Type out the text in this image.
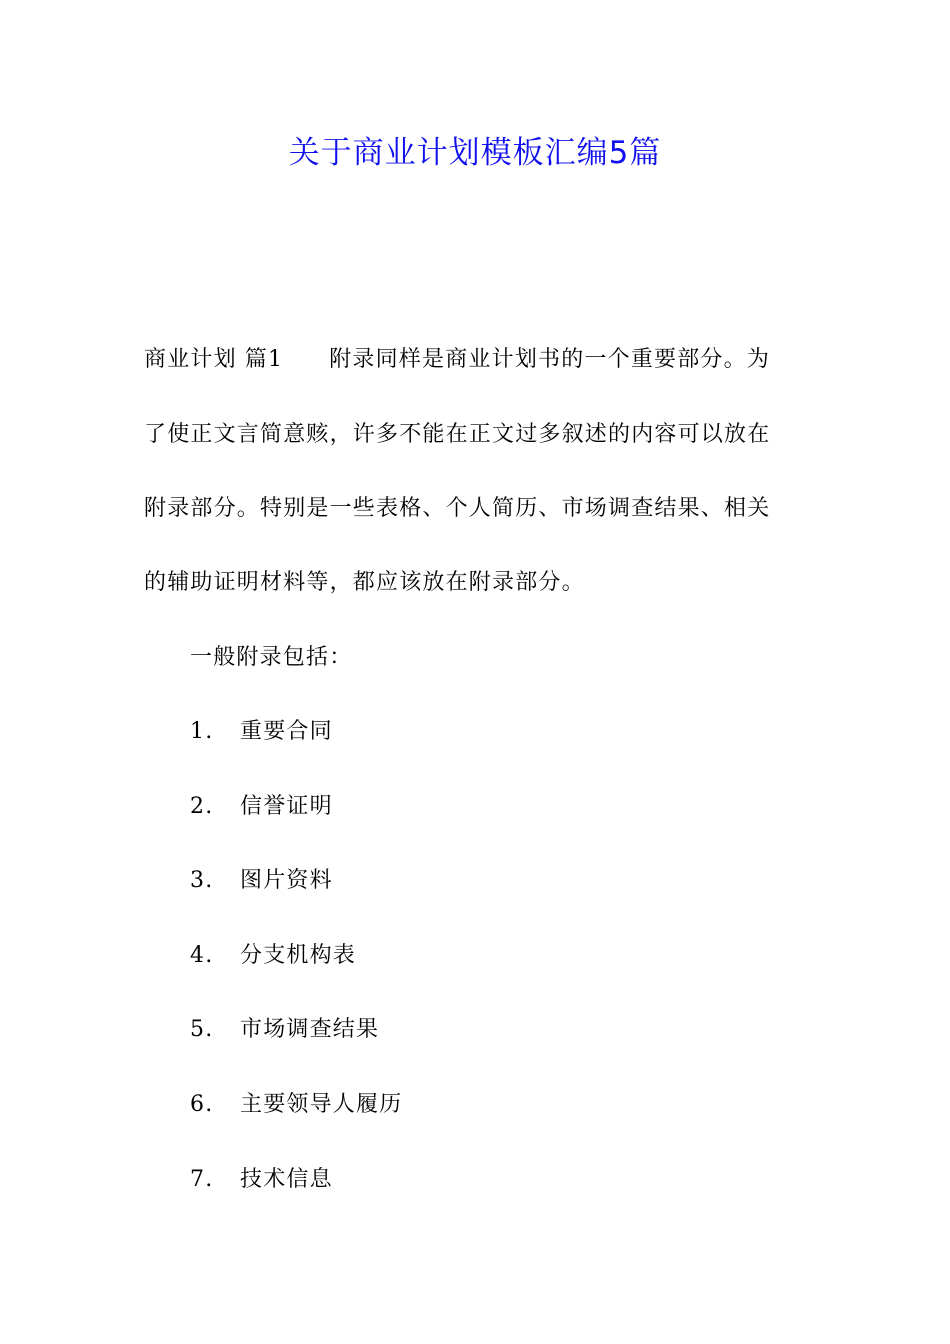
关于商业计划模板汇编5篇
商业计划 篇1 附录同样是商业计划书的一个重要部分。为
了使正文言简意赅，许多不能在正文过多叙述的内容可以放在
附录部分。特别是一些表格、个人简历、市场调查结果、相关
的辅助证明材料等，都应该放在附录部分。
一般附录包括：
1. 重要合同
2. 信誉证明
3. 图片资料
4. 分支机构表
5. 市场调查结果
6. 主要领导人履历
7. 技术信息
